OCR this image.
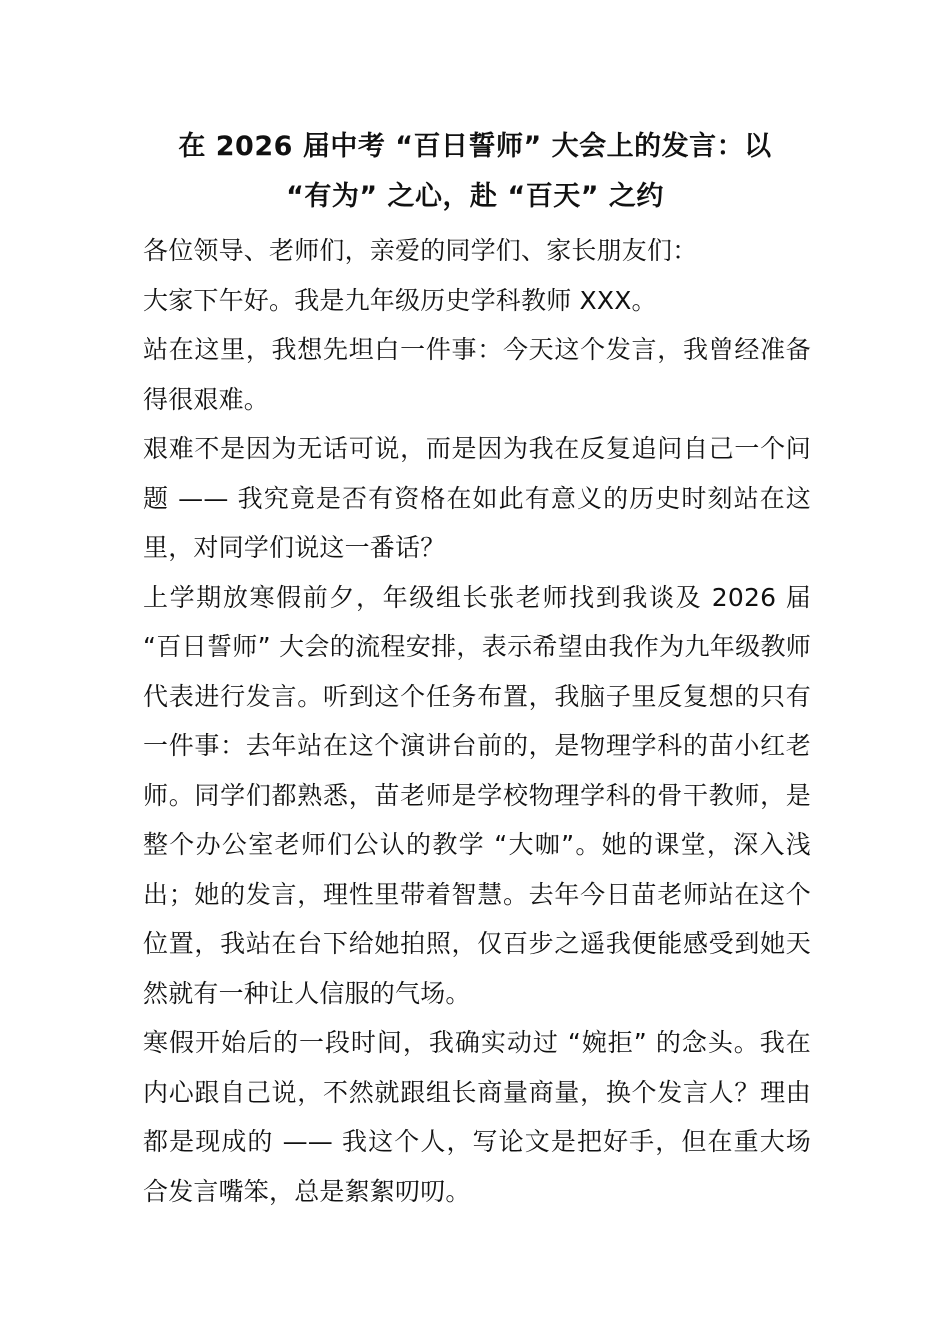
在 2026 届中考 “百日誓师” 大会上的发言：以
“有为” 之心，赴 “百天” 之约

各位领导、老师们，亲爱的同学们、家长朋友们：

大家下午好。我是九年级历史学科教师 XXX。

站在这里，我想先坦白一件事：今天这个发言，我曾经准备得很艰难。

艰难不是因为无话可说，而是因为我在反复追问自己一个问题 —— 我究竟是否有资格在如此有意义的历史时刻站在这里，对同学们说这一番话？

上学期放寒假前夕，年级组长张老师找到我谈及 2026 届 “百日誓师” 大会的流程安排，表示希望由我作为九年级教师代表进行发言。听到这个任务布置，我脑子里反复想的只有一件事：去年站在这个演讲台前的，是物理学科的苗小红老师。同学们都熟悉，苗老师是学校物理学科的骨干教师，是整个办公室老师们公认的教学 “大咖”。她的课堂，深入浅出；她的发言，理性里带着智慧。去年今日苗老师站在这个位置，我站在台下给她拍照，仅百步之遥我便能感受到她天然就有一种让人信服的气场。

寒假开始后的一段时间，我确实动过 “婉拒” 的念头。我在内心跟自己说，不然就跟组长商量商量，换个发言人？理由都是现成的 —— 我这个人，写论文是把好手，但在重大场合发言嘴笨，总是絮絮叨叨。
